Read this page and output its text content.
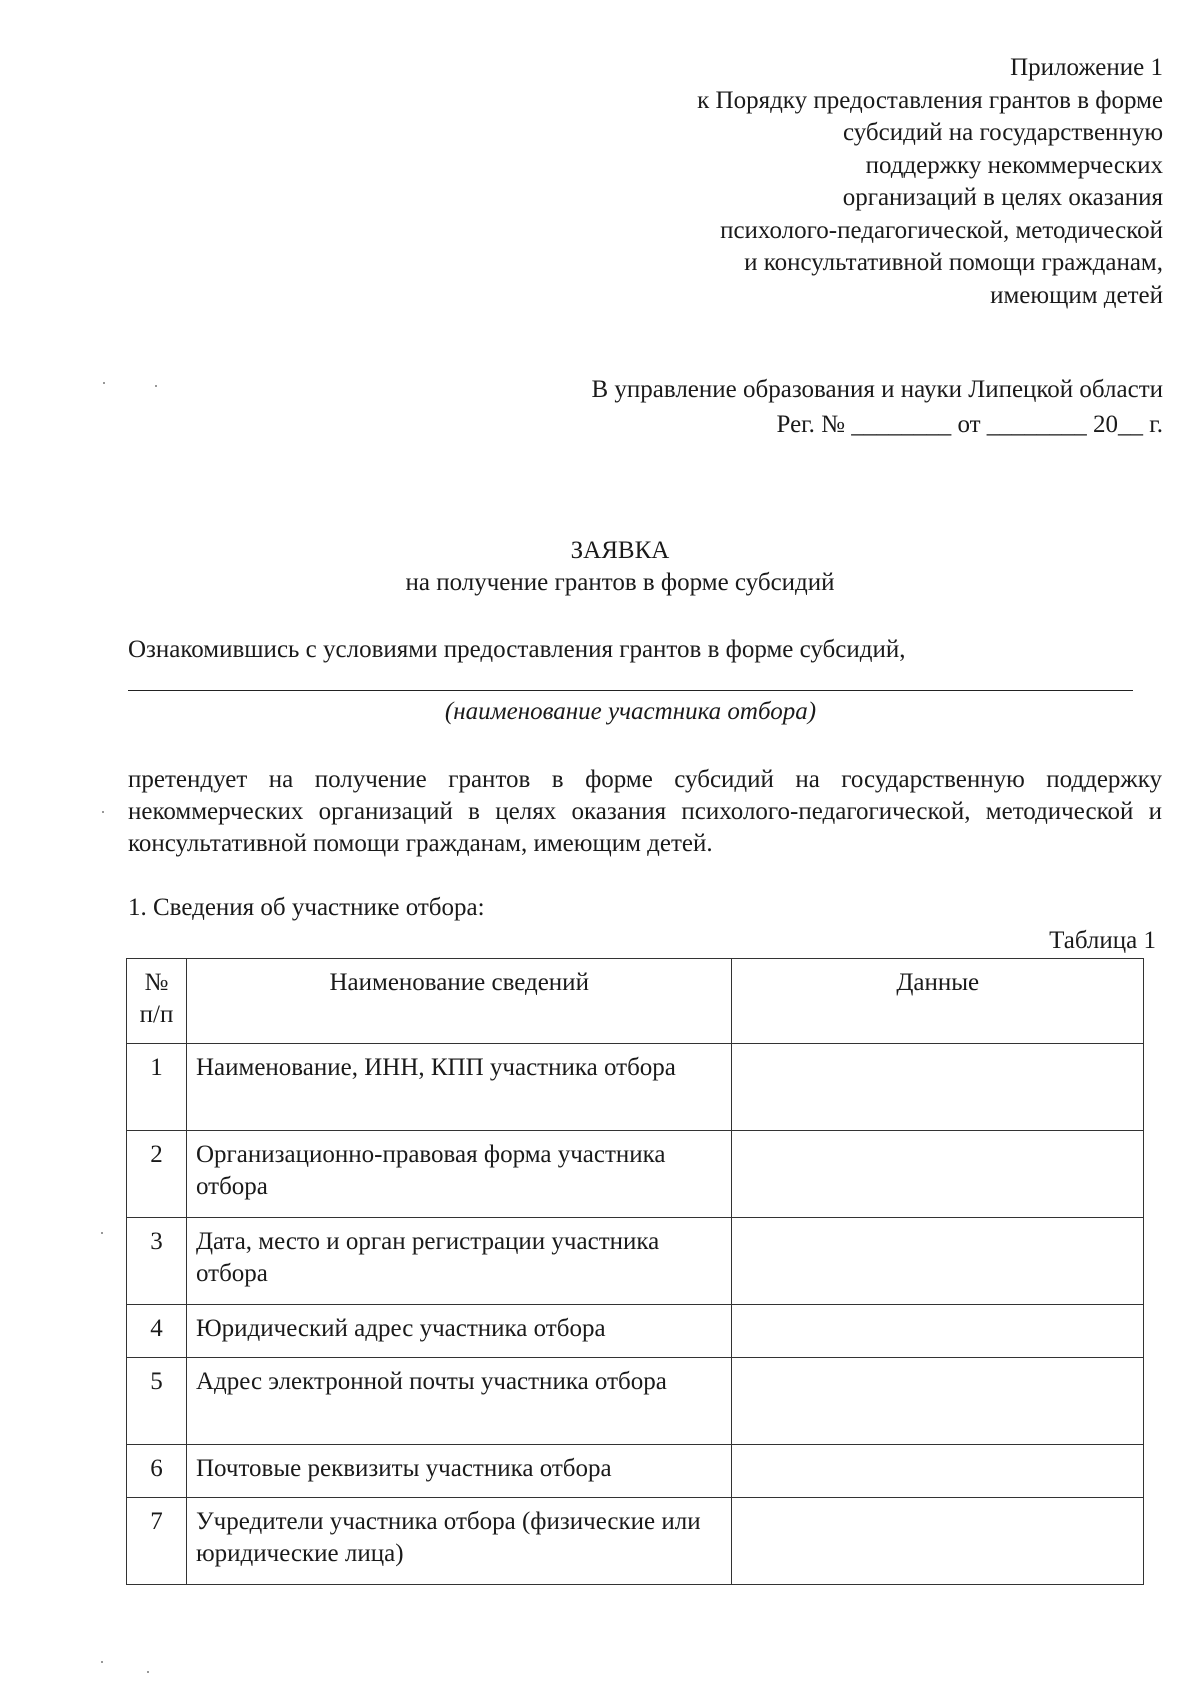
Приложение 1
к Порядку предоставления грантов в форме
субсидий на государственную
поддержку некоммерческих
организаций в целях оказания
психолого-педагогической, методической
и консультативной помощи гражданам,
имеющим детей
В управление образования и науки Липецкой области
Рег. № ________ от ________ 20__ г.
ЗАЯВКА
на получение грантов в форме субсидий
Ознакомившись с условиями предоставления грантов в форме субсидий,
(наименование участника отбора)
претендует на получение грантов в форме субсидий на государственную поддержку некоммерческих организаций в целях оказания психолого-педагогической, методической и консультативной помощи гражданам, имеющим детей.
1. Сведения об участнике отбора:
Таблица 1
№ п/п	Наименование сведений	Данные
1	Наименование, ИНН, КПП участника отбора	
2	Организационно-правовая форма участника отбора	
3	Дата, место и орган регистрации участника отбора	
4	Юридический адрес участника отбора	
5	Адрес электронной почты участника отбора	
6	Почтовые реквизиты участника отбора	
7	Учредители участника отбора (физические или юридические лица)	
